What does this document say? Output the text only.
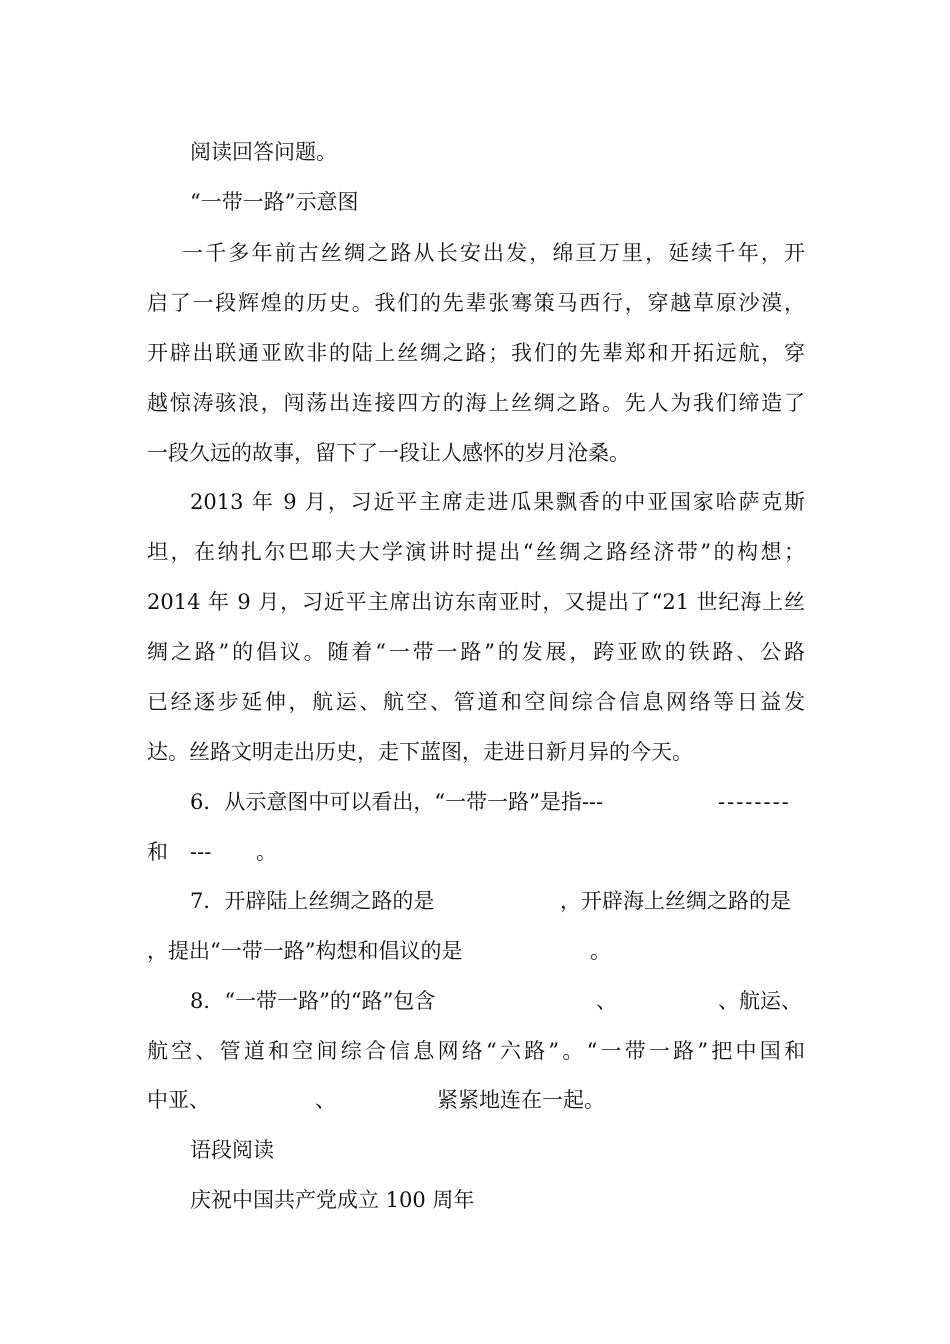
阅读回答问题。
“一带一路”示意图
一千多年前古丝绸之路从长安出发，绵亘万里，延续千年，开
启了一段辉煌的历史。我们的先辈张骞策马西行，穿越草原沙漠，
开辟出联通亚欧非的陆上丝绸之路；我们的先辈郑和开拓远航，穿
越惊涛骇浪，闯荡出连接四方的海上丝绸之路。先人为我们缔造了
一段久远的故事，留下了一段让人感怀的岁月沧桑。
2013 年 9 月，习近平主席走进瓜果飘香的中亚国家哈萨克斯
坦，在纳扎尔巴耶夫大学演讲时提出“丝绸之路经济带”的构想；
2014 年 9 月，习近平主席出访东南亚时，又提出了“21 世纪海上丝
绸之路”的倡议。随着“一带一路”的发展，跨亚欧的铁路、公路
已经逐步延伸，航运、航空、管道和空间综合信息网络等日益发
达。丝路文明走出历史，走下蓝图，走进日新月异的今天。
6．从示意图中可以看出，“一带一路”是指---	--------
和 --- 。
7．开辟陆上丝绸之路的是	，开辟海上丝绸之路的是
，提出“一带一路”构想和倡议的是	。
8．“一带一路”的“路”包含	、	、航运、
航空、管道和空间综合信息网络“六路”。“一带一路”把中国和
中亚、	、	紧紧地连在一起。
语段阅读
庆祝中国共产党成立 100 周年
